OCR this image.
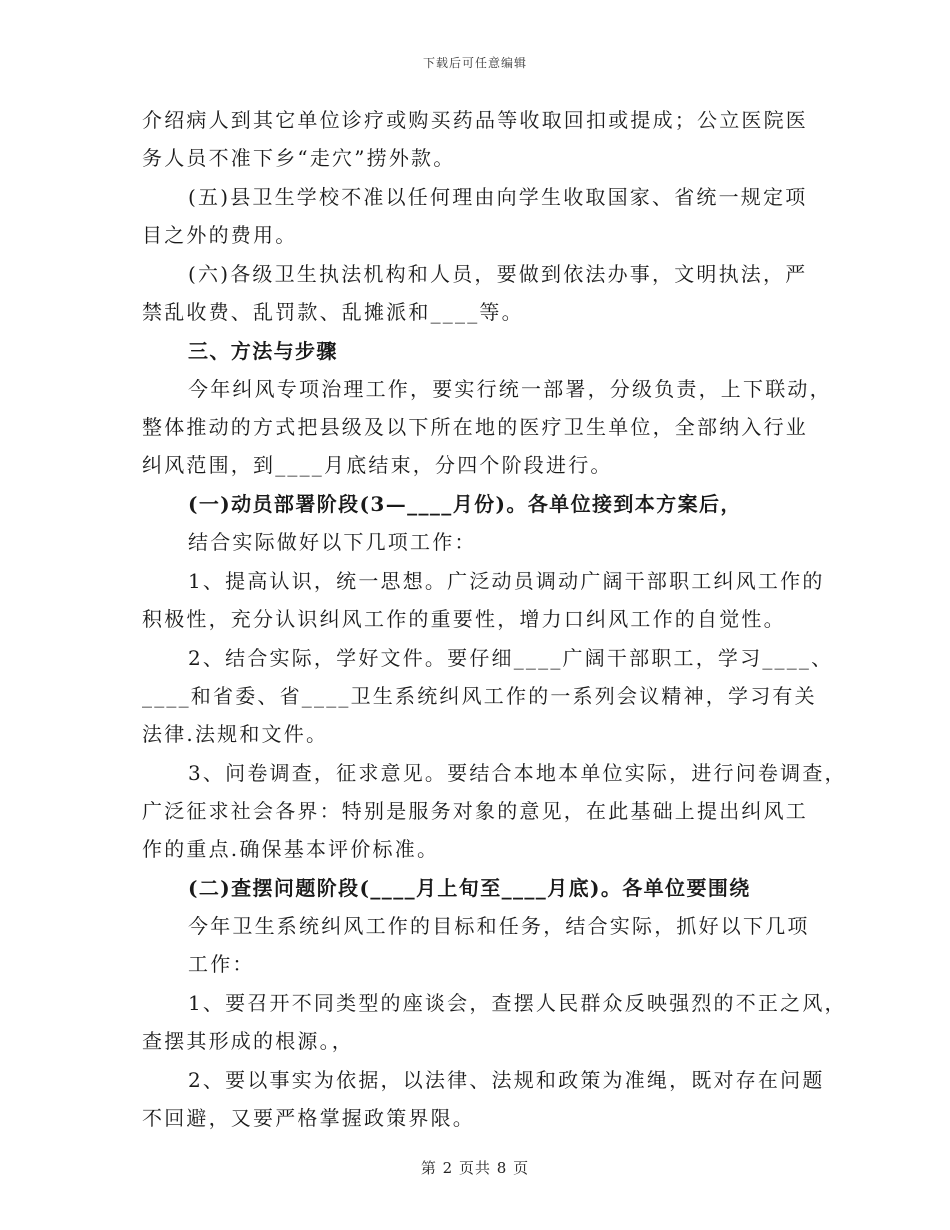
下载后可任意编辑
介绍病人到其它单位诊疗或购买药品等收取回扣或提成；公立医院医
务人员不准下乡“走穴”捞外款。
(五)县卫生学校不准以任何理由向学生收取国家、省统一规定项
目之外的费用。
(六)各级卫生执法机构和人员，要做到依法办事，文明执法，严
禁乱收费、乱罚款、乱摊派和____等。
三、方法与步骤
今年纠风专项治理工作，要实行统一部署，分级负责，上下联动，
整体推动的方式把县级及以下所在地的医疗卫生单位，全部纳入行业
纠风范围，到____月底结束，分四个阶段进行。
(一)动员部署阶段(3—____月份)。各单位接到本方案后，
结合实际做好以下几项工作：
1、提高认识，统一思想。广泛动员调动广阔干部职工纠风工作的
积极性，充分认识纠风工作的重要性，增力口纠风工作的自觉性。
2、结合实际，学好文件。要仔细____广阔干部职工，学习____、
____和省委、省____卫生系统纠风工作的一系列会议精神，学习有关
法律.法规和文件。
3、问卷调查，征求意见。要结合本地本单位实际，进行问卷调查，
广泛征求社会各界：特别是服务对象的意见，在此基础上提出纠风工
作的重点.确保基本评价标准。
(二)查摆问题阶段(____月上旬至____月底)。各单位要围绕
今年卫生系统纠风工作的目标和任务，结合实际，抓好以下几项
工作：
1、要召开不同类型的座谈会，查摆人民群众反映强烈的不正之风，
查摆其形成的根源。，
2、要以事实为依据，以法律、法规和政策为准绳，既对存在问题
不回避，又要严格掌握政策界限。
第 2 页共 8 页
